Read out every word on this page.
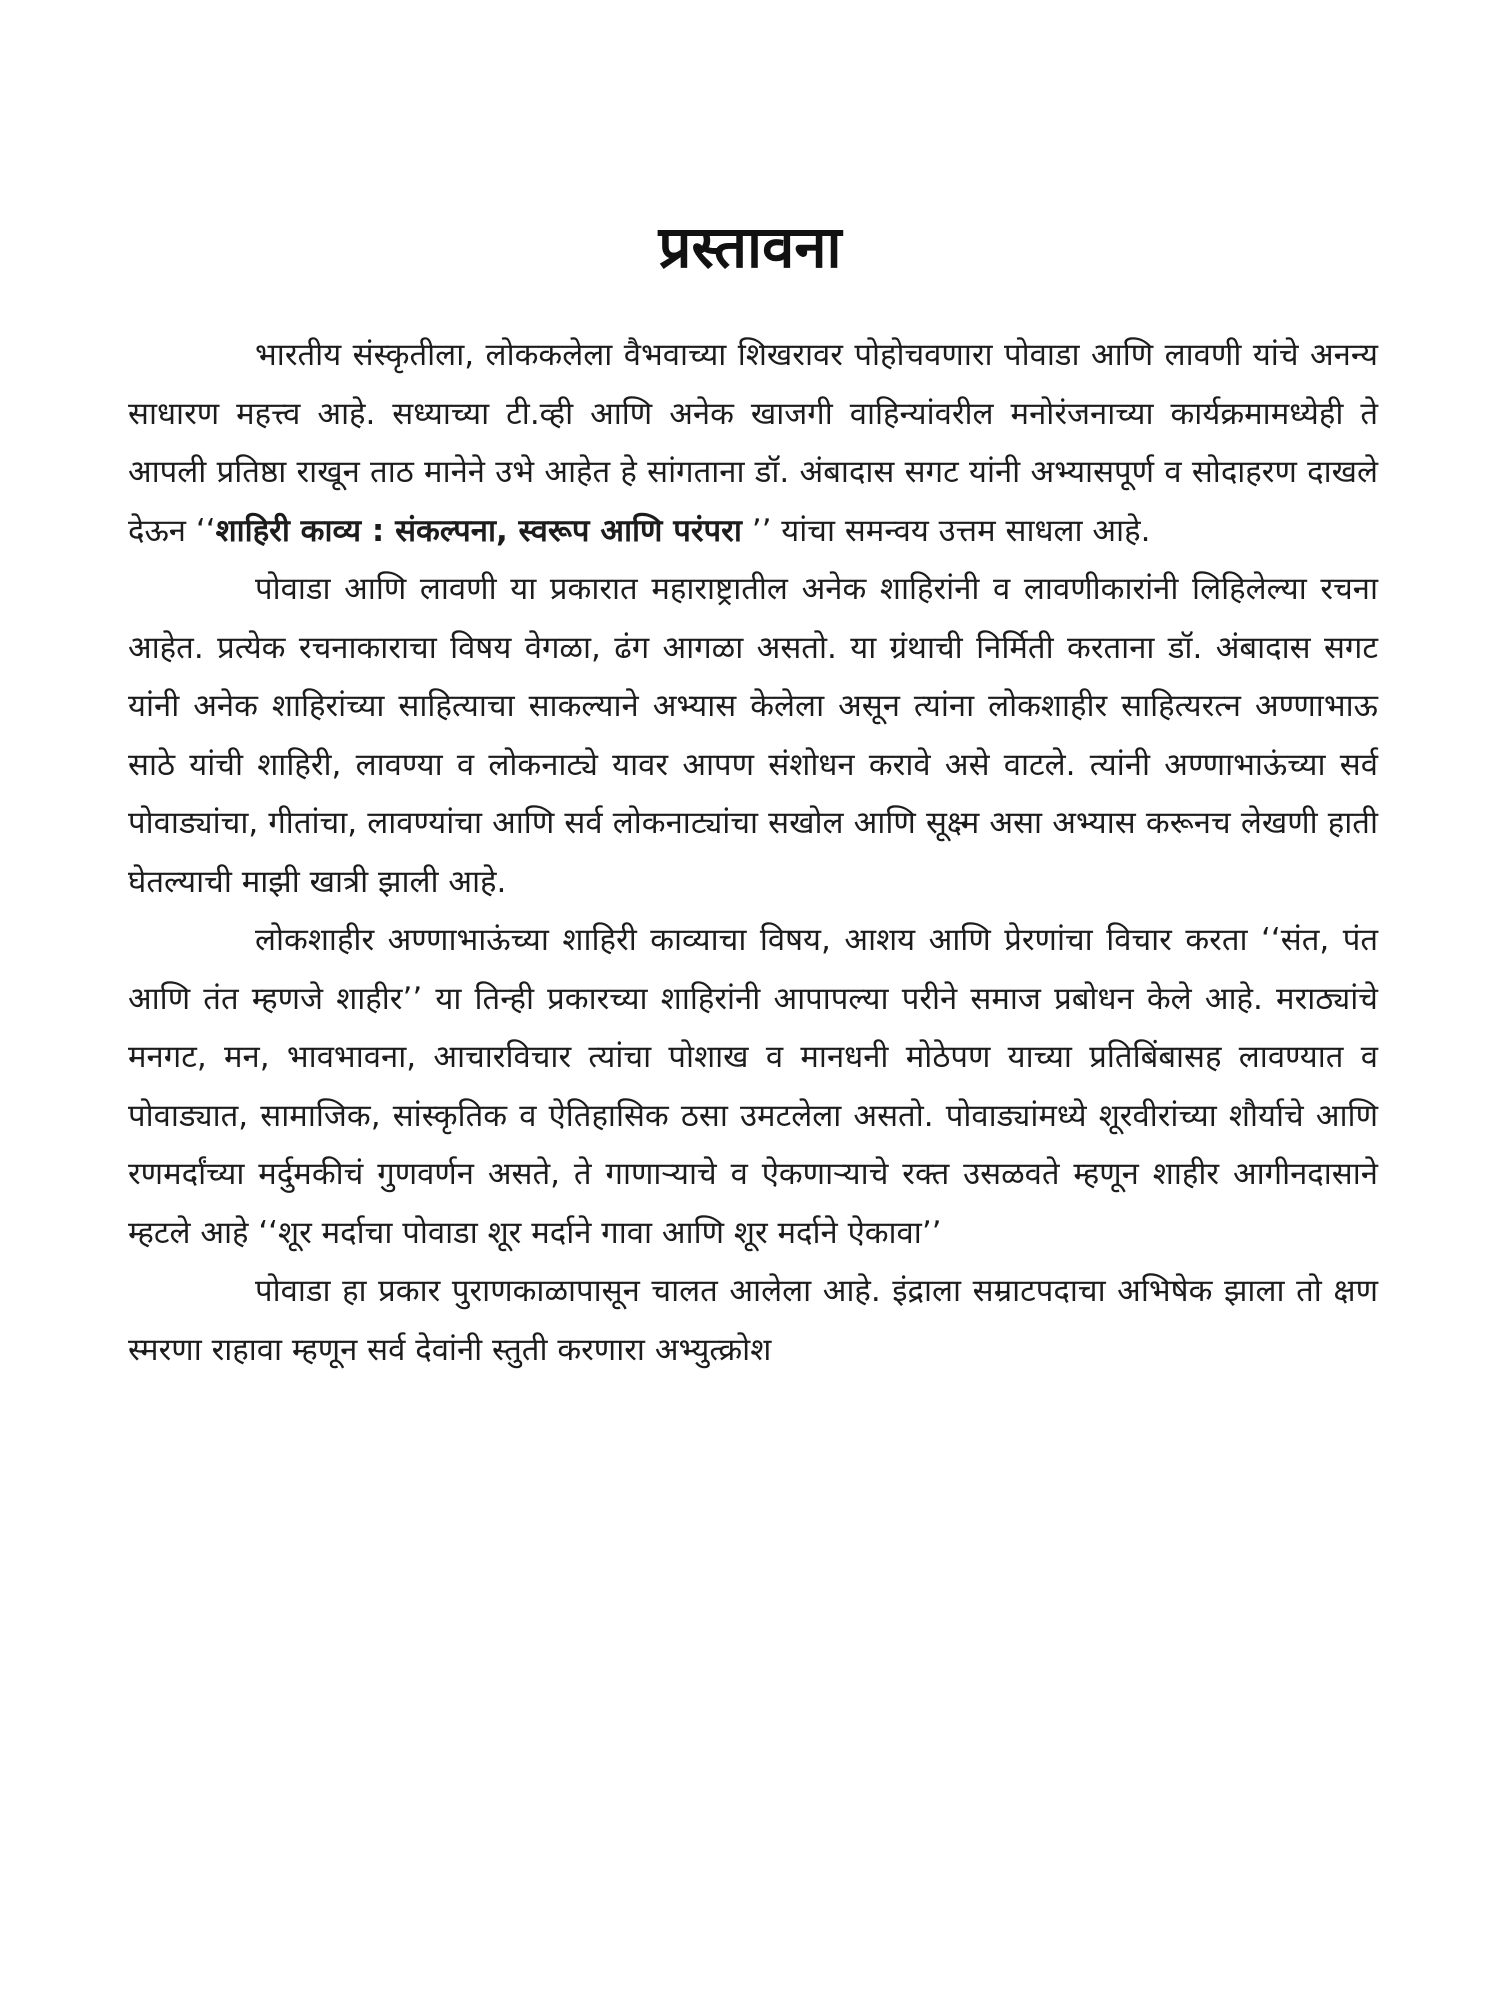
प्रस्तावना

भारतीय संस्कृतीला, लोककलेला वैभवाच्या शिखरावर पोहोचवणारा पोवाडा आणि लावणी यांचे अनन्य साधारण महत्त्व आहे. सध्याच्या टी.व्ही आणि अनेक खाजगी वाहिन्यांवरील मनोरंजनाच्या कार्यक्रमामध्येही ते आपली प्रतिष्ठा राखून ताठ मानेने उभे आहेत हे सांगताना डॉ. अंबादास सगट यांनी अभ्यासपूर्ण व सोदाहरण दाखले देऊन ‘‘शाहिरी काव्य : संकल्पना, स्वरूप आणि परंपरा ’’ यांचा समन्वय उत्तम साधला आहे.

पोवाडा आणि लावणी या प्रकारात महाराष्ट्रातील अनेक शाहिरांनी व लावणीकारांनी लिहिलेल्या रचना आहेत. प्रत्येक रचनाकाराचा विषय वेगळा, ढंग आगळा असतो. या ग्रंथाची निर्मिती करताना डॉ. अंबादास सगट यांनी अनेक शाहिरांच्या साहित्याचा साकल्याने अभ्यास केलेला असून त्यांना लोकशाहीर साहित्यरत्न अण्णाभाऊ साठे यांची शाहिरी, लावण्या व लोकनाट्ये यावर आपण संशोधन करावे असे वाटले. त्यांनी अण्णाभाऊंच्या सर्व पोवाड्यांचा, गीतांचा, लावण्यांचा आणि सर्व लोकनाट्यांचा सखोल आणि सूक्ष्म असा अभ्यास करूनच लेखणी हाती घेतल्याची माझी खात्री झाली आहे.

लोकशाहीर अण्णाभाऊंच्या शाहिरी काव्याचा विषय, आशय आणि प्रेरणांचा विचार करता ‘‘संत, पंत आणि तंत म्हणजे शाहीर’’ या तिन्ही प्रकारच्या शाहिरांनी आपापल्या परीने समाज प्रबोधन केले आहे. मराठ्यांचे मनगट, मन, भावभावना, आचारविचार त्यांचा पोशाख व मानधनी मोठेपण याच्या प्रतिबिंबासह लावण्यात व पोवाड्यात, सामाजिक, सांस्कृतिक व ऐतिहासिक ठसा उमटलेला असतो. पोवाड्यांमध्ये शूरवीरांच्या शौर्याचे आणि रणमर्दांच्या मर्दुमकीचं गुणवर्णन असते, ते गाणाऱ्याचे व ऐकणाऱ्याचे रक्त उसळवते म्हणून शाहीर आगीनदासाने म्हटले आहे ‘‘शूर मर्दाचा पोवाडा शूर मर्दाने गावा आणि शूर मर्दाने ऐकावा’’

पोवाडा हा प्रकार पुराणकाळापासून चालत आलेला आहे. इंद्राला सम्राटपदाचा अभिषेक झाला तो क्षण स्मरणा राहावा म्हणून सर्व देवांनी स्तुती करणारा अभ्युत्क्रोश
